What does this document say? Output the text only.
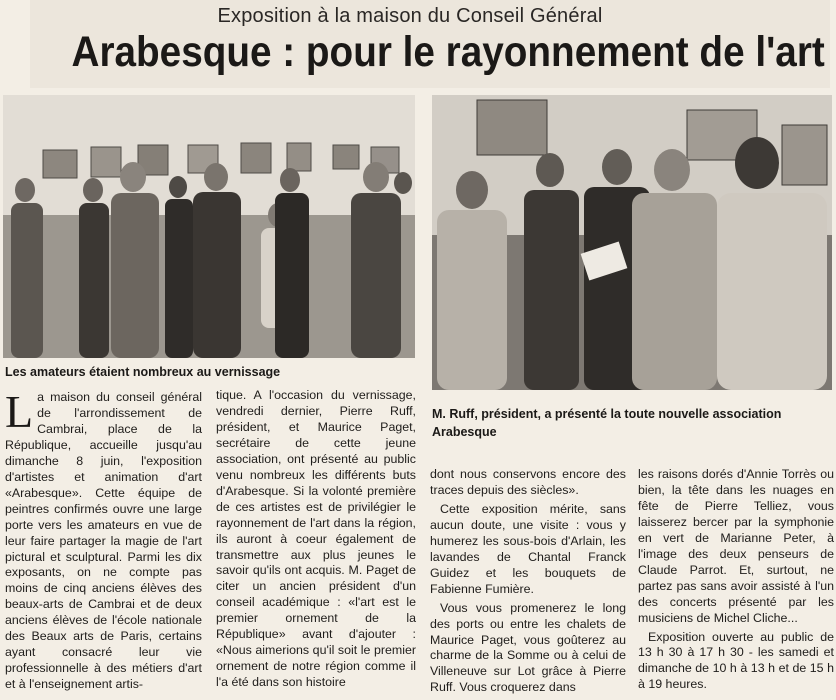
Exposition à la maison du Conseil Général
Arabesque : pour le rayonnement de l'art
Les amateurs étaient nombreux au vernissage
M. Ruff, président, a présenté la toute nouvelle association Arabesque
L a maison du conseil général de l'arrondissement de Cambrai, place de la République, accueille jusqu'au dimanche 8 juin, l'exposition d'artistes et animation d'art «Arabesque». Cette équipe de peintres confirmés ouvre une large porte vers les amateurs en vue de leur faire partager la magie de l'art pictural et sculptural. Parmi les dix exposants, on ne compte pas moins de cinq anciens élèves des beaux-arts de Cambrai et de deux anciens élèves de l'école nationale des Beaux arts de Paris, certains ayant consacré leur vie professionnelle à des métiers d'art et à l'enseignement artis-

tique. A l'occasion du vernissage, vendredi dernier, Pierre Ruff, président, et Maurice Paget, secrétaire de cette jeune association, ont présenté au public venu nombreux les différents buts d'Arabesque. Si la volonté première de ces artistes est de privilégier le rayonnement de l'art dans la région, ils auront à coeur également de transmettre aux plus jeunes le savoir qu'ils ont acquis. M. Paget de citer un ancien président d'un conseil académique : «l'art est le premier ornement de la République» avant d'ajouter : «Nous aimerions qu'il soit le premier ornement de notre région comme il l'a été dans son histoire

dont nous conservons encore des traces depuis des siècles».

Cette exposition mérite, sans aucun doute, une visite : vous y humerez les sous-bois d'Arlain, les lavandes de Chantal Franck Guidez et les bouquets de Fabienne Fumière.

Vous vous promenerez le long des ports ou entre les chalets de Maurice Paget, vous goûterez au charme de la Somme ou à celui de Villeneuve sur Lot grâce à Pierre Ruff. Vous croquerez dans

les raisons dorés d'Annie Torrès ou bien, la tête dans les nuages en fête de Pierre Telliez, vous laisserez bercer par la symphonie en vert de Marianne Peter, à l'image des deux penseurs de Claude Parrot. Et, surtout, ne partez pas sans avoir assisté à l'un des concerts présenté par les musiciens de Michel Cliche...

Exposition ouverte au public de 13 h 30 à 17 h 30 - les samedi et dimanche de 10 h à 13 h et de 15 h à 19 heures.
